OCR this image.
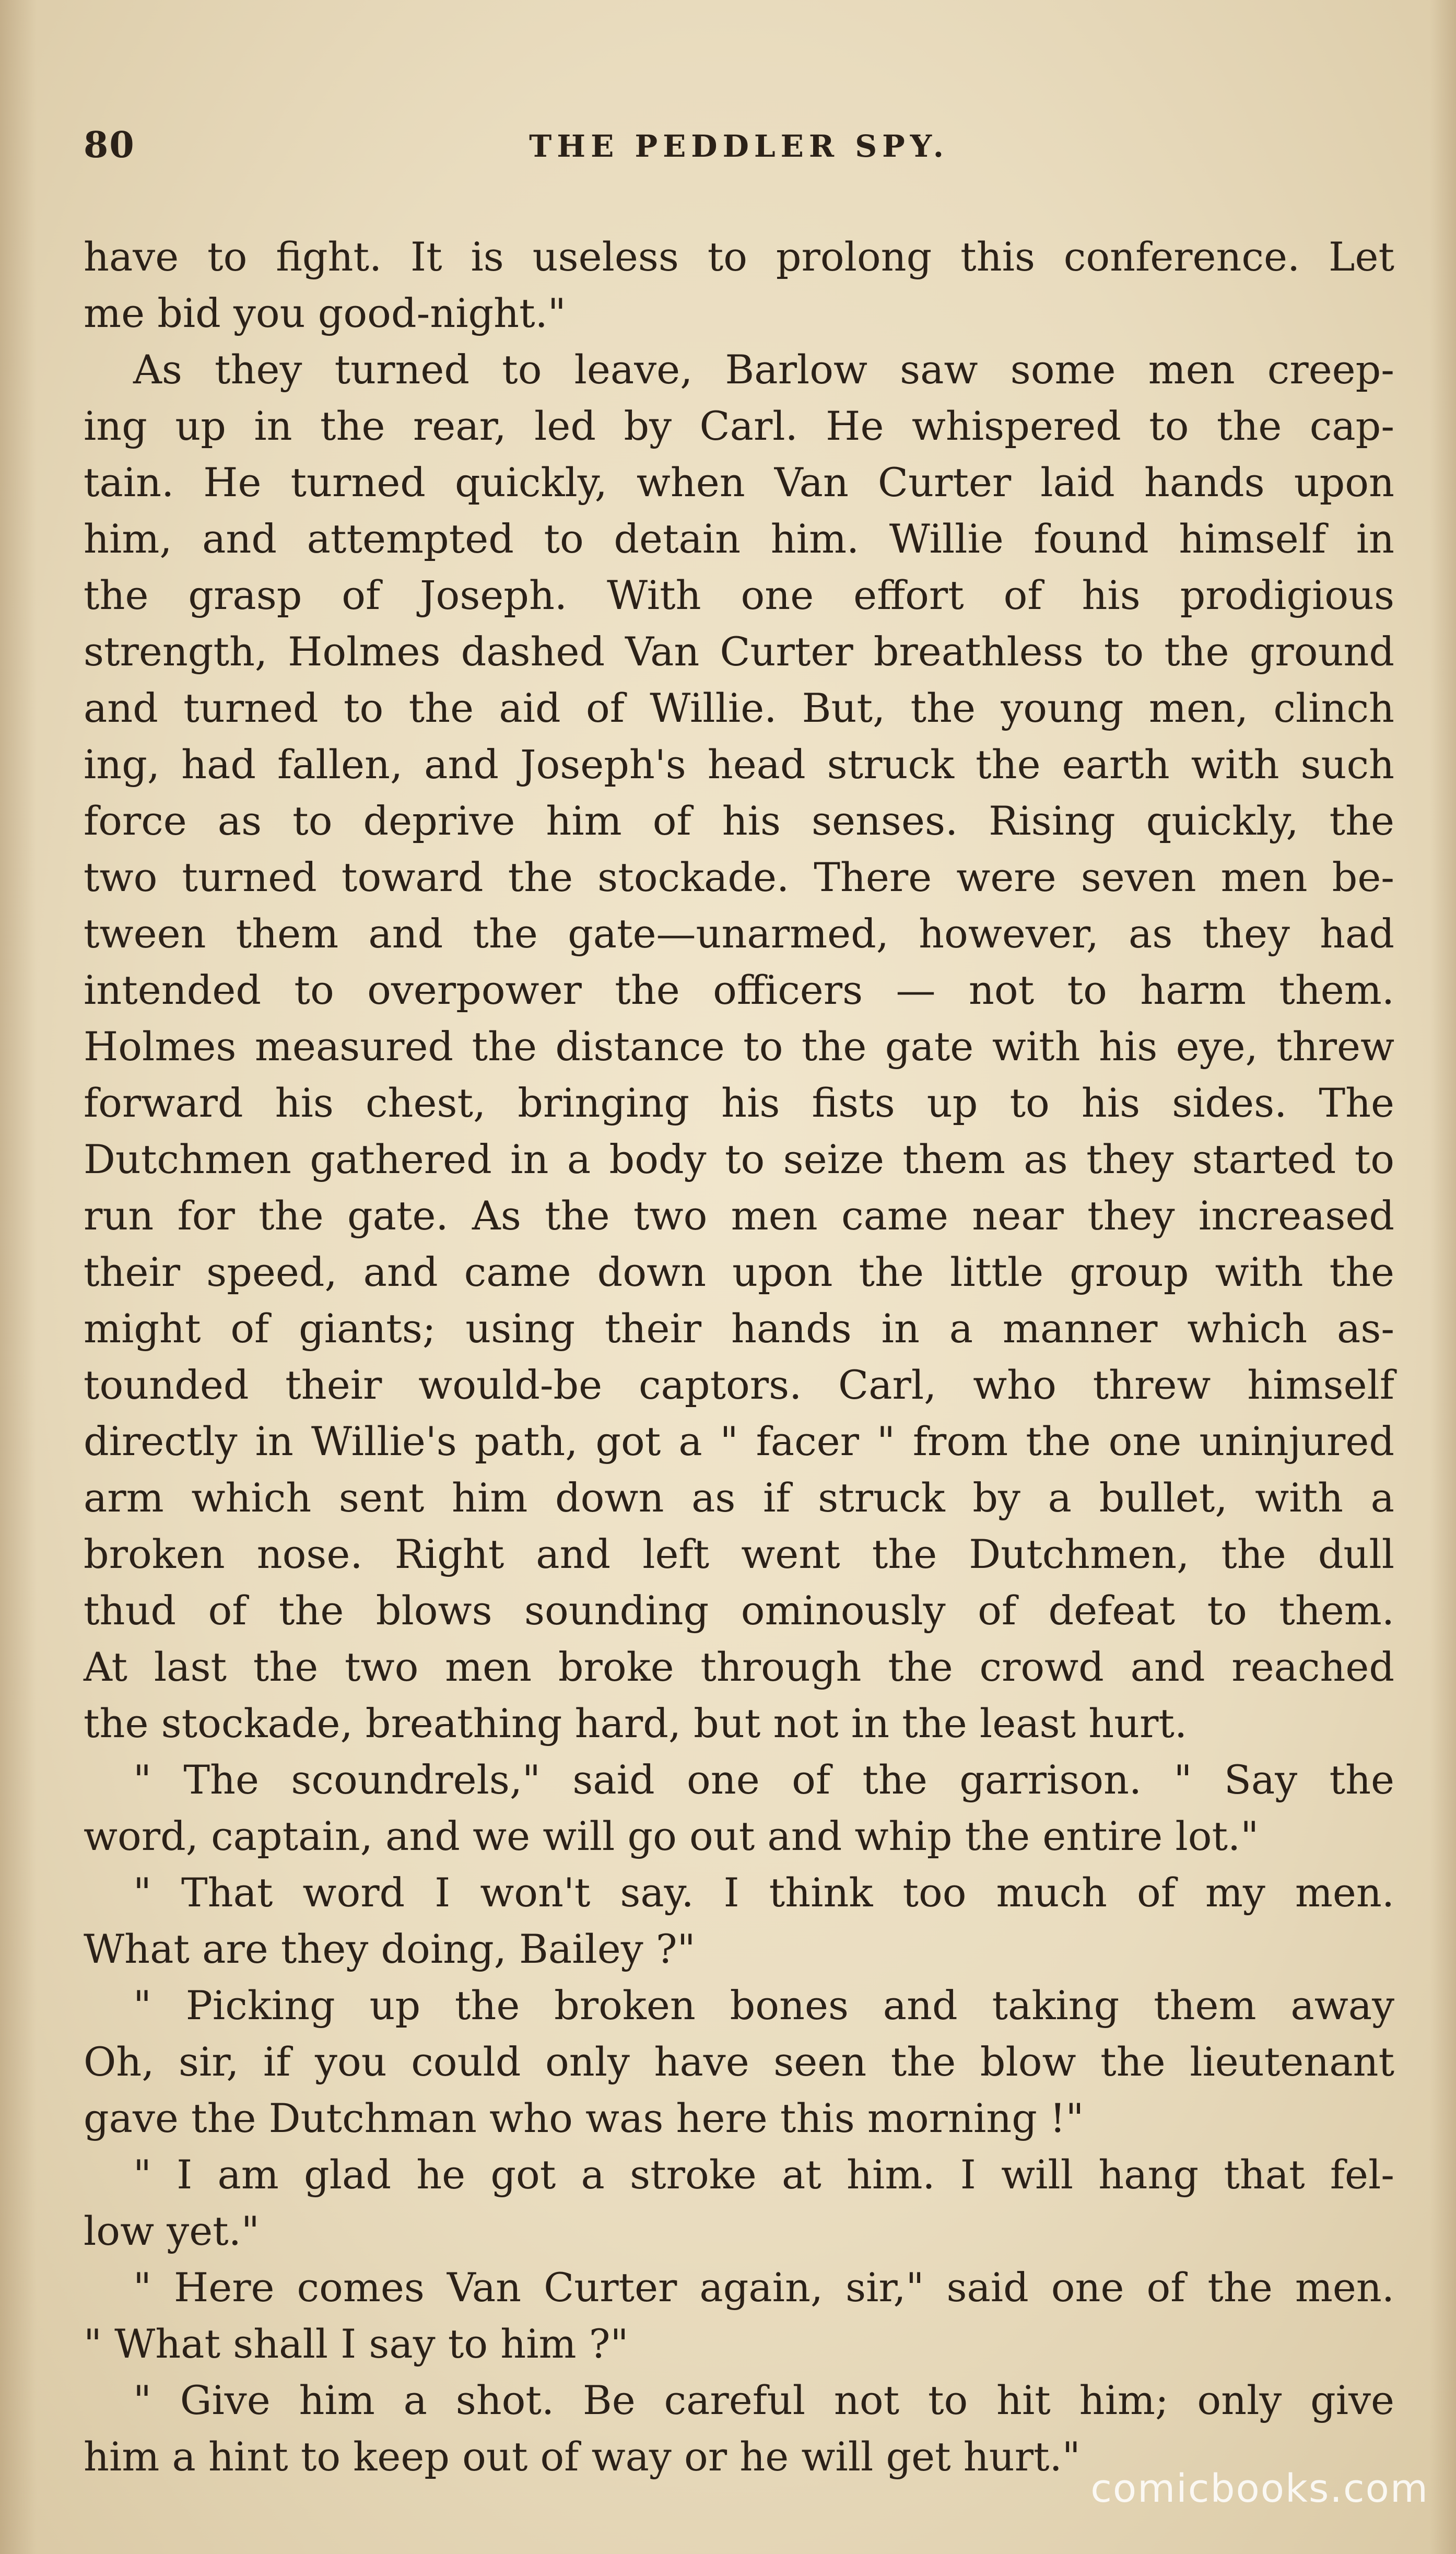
80	THE PEDDLER SPY.
have to fight. It is useless to prolong this conference. Let
me bid you good-night."
As they turned to leave, Barlow saw some men creep-
ing up in the rear, led by Carl. He whispered to the cap-
tain. He turned quickly, when Van Curter laid hands upon
him, and attempted to detain him. Willie found himself in
the grasp of Joseph. With one effort of his prodigious
strength, Holmes dashed Van Curter breathless to the ground
and turned to the aid of Willie. But, the young men, clinch
ing, had fallen, and Joseph's head struck the earth with such
force as to deprive him of his senses. Rising quickly, the
two turned toward the stockade. There were seven men be-
tween them and the gate—unarmed, however, as they had
intended to overpower the officers — not to harm them.
Holmes measured the distance to the gate with his eye, threw
forward his chest, bringing his fists up to his sides. The
Dutchmen gathered in a body to seize them as they started to
run for the gate. As the two men came near they increased
their speed, and came down upon the little group with the
might of giants; using their hands in a manner which as-
tounded their would-be captors. Carl, who threw himself
directly in Willie's path, got a " facer " from the one uninjured
arm which sent him down as if struck by a bullet, with a
broken nose. Right and left went the Dutchmen, the dull
thud of the blows sounding ominously of defeat to them.
At last the two men broke through the crowd and reached
the stockade, breathing hard, but not in the least hurt.
" The scoundrels," said one of the garrison. " Say the
word, captain, and we will go out and whip the entire lot."
" That word I won't say. I think too much of my men.
What are they doing, Bailey ?"
" Picking up the broken bones and taking them away
Oh, sir, if you could only have seen the blow the lieutenant
gave the Dutchman who was here this morning !"
" I am glad he got a stroke at him. I will hang that fel-
low yet."
" Here comes Van Curter again, sir," said one of the men.
" What shall I say to him ?"
" Give him a shot. Be careful not to hit him; only give
him a hint to keep out of way or he will get hurt."
comicbooks.com
